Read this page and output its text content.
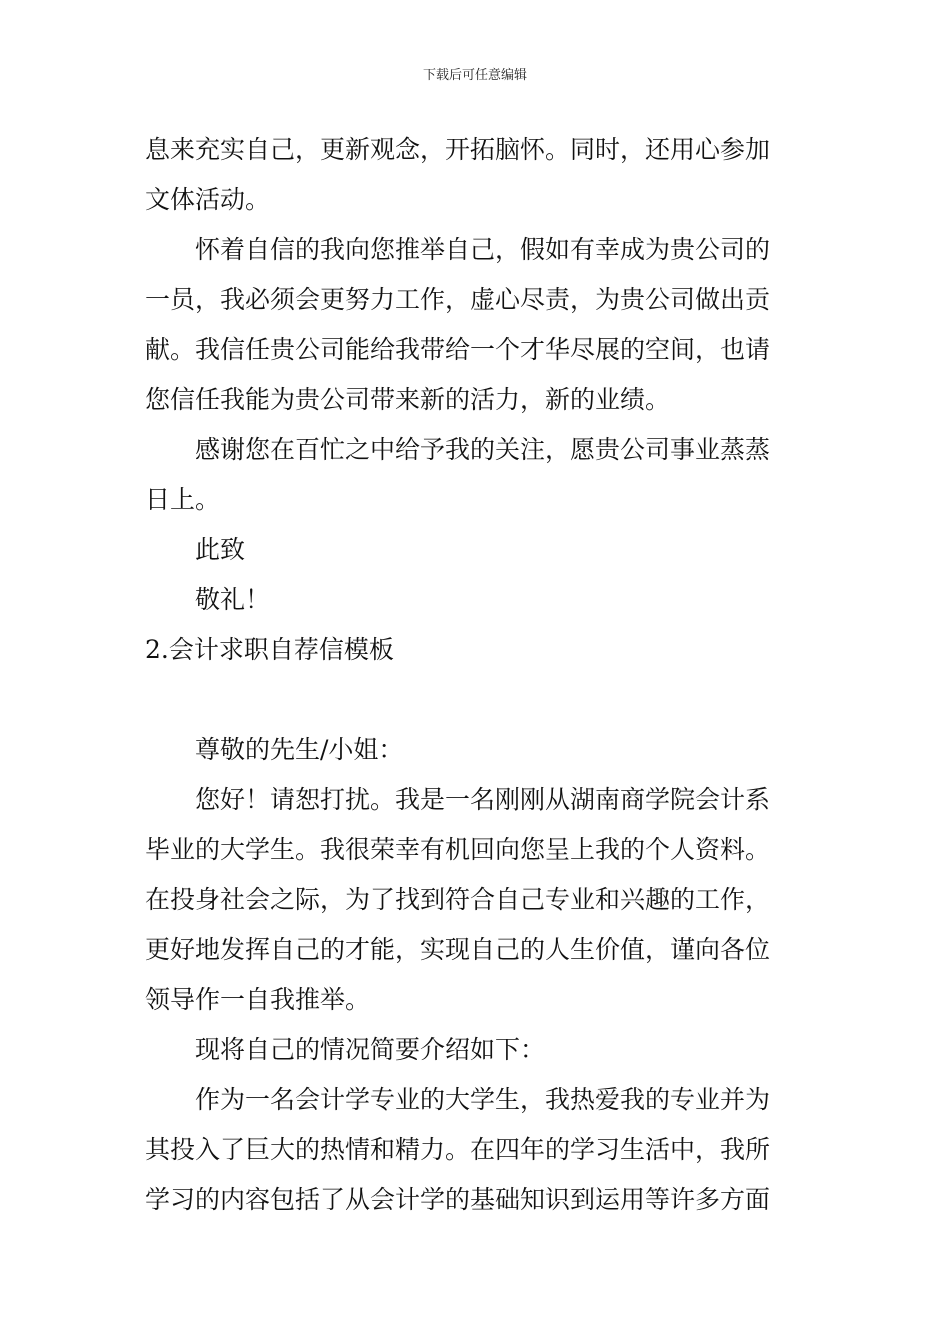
下载后可任意编辑
息来充实自己，更新观念，开拓脑怀。同时，还用心参加
文体活动。
怀着自信的我向您推举自己，假如有幸成为贵公司的
一员，我必须会更努力工作，虚心尽责，为贵公司做出贡
献。我信任贵公司能给我带给一个才华尽展的空间，也请
您信任我能为贵公司带来新的活力，新的业绩。
感谢您在百忙之中给予我的关注，愿贵公司事业蒸蒸
日上。
此致
敬礼！
2.会计求职自荐信模板
尊敬的先生/小姐：
您好！请恕打扰。我是一名刚刚从湖南商学院会计系
毕业的大学生。我很荣幸有机回向您呈上我的个人资料。
在投身社会之际，为了找到符合自己专业和兴趣的工作，
更好地发挥自己的才能，实现自己的人生价值，谨向各位
领导作一自我推举。
现将自己的情况简要介绍如下：
作为一名会计学专业的大学生，我热爱我的专业并为
其投入了巨大的热情和精力。在四年的学习生活中，我所
学习的内容包括了从会计学的基础知识到运用等许多方面
